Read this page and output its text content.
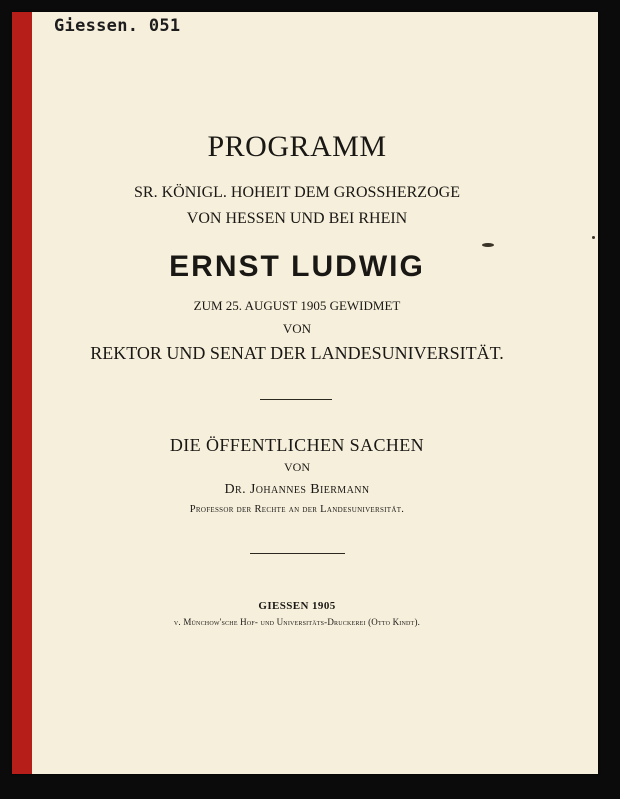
Giessen. 051
PROGRAMM
SR. KÖNIGL. HOHEIT DEM GROSSHERZOGE
VON HESSEN UND BEI RHEIN
ERNST LUDWIG
ZUM 25. AUGUST 1905 GEWIDMET
VON
REKTOR UND SENAT DER LANDESUNIVERSITÄT.
DIE ÖFFENTLICHEN SACHEN
VON
Dr. Johannes Biermann
Professor der Rechte an der Landesuniversität.
GIESSEN 1905
v. Münchow'sche Hof- und Universitäts-Druckerei (Otto Kindt).
